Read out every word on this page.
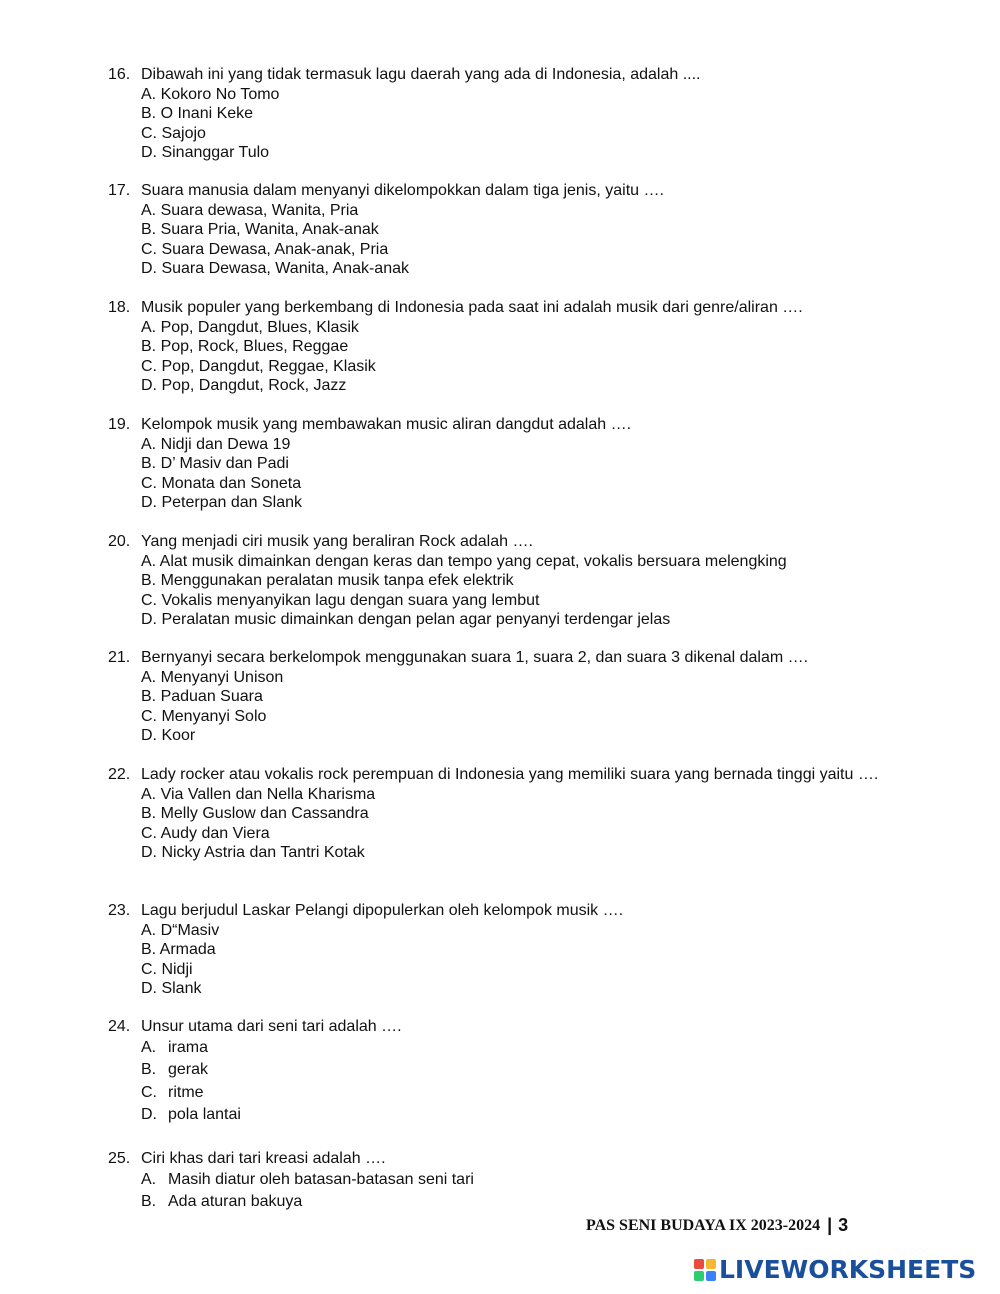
16. Dibawah ini yang tidak termasuk lagu daerah yang ada di Indonesia, adalah ....
A. Kokoro No Tomo
B. O Inani Keke
C. Sajojo
D. Sinanggar Tulo
17. Suara manusia dalam menyanyi dikelompokkan dalam tiga jenis, yaitu ….
A. Suara dewasa, Wanita, Pria
B. Suara Pria, Wanita, Anak-anak
C. Suara Dewasa, Anak-anak, Pria
D. Suara Dewasa, Wanita, Anak-anak
18. Musik populer yang berkembang di Indonesia pada saat ini adalah musik dari genre/aliran ….
A. Pop, Dangdut, Blues, Klasik
B. Pop, Rock, Blues, Reggae
C. Pop, Dangdut, Reggae, Klasik
D. Pop, Dangdut, Rock, Jazz
19. Kelompok musik yang membawakan music aliran dangdut adalah ….
A. Nidji dan Dewa 19
B. D’ Masiv dan Padi
C. Monata dan Soneta
D. Peterpan dan Slank
20. Yang menjadi ciri musik yang beraliran Rock adalah ….
A. Alat musik dimainkan dengan keras dan tempo yang cepat, vokalis bersuara melengking
B. Menggunakan peralatan musik tanpa efek elektrik
C. Vokalis menyanyikan lagu dengan suara yang lembut
D. Peralatan music dimainkan dengan pelan agar penyanyi terdengar jelas
21. Bernyanyi secara berkelompok menggunakan suara 1, suara 2, dan suara 3 dikenal dalam ….
A. Menyanyi Unison
B. Paduan Suara
C. Menyanyi Solo
D. Koor
22. Lady rocker atau vokalis rock perempuan di Indonesia yang memiliki suara yang bernada tinggi yaitu ….
A. Via Vallen dan Nella Kharisma
B. Melly Guslow dan Cassandra
C. Audy dan Viera
D. Nicky Astria dan Tantri Kotak
23. Lagu berjudul Laskar Pelangi dipopulerkan oleh kelompok musik ….
A. D“Masiv
B. Armada
C. Nidji
D. Slank
24. Unsur utama dari seni tari adalah ….
A. irama
B. gerak
C. ritme
D. pola lantai
25. Ciri khas dari tari kreasi adalah ….
A. Masih diatur oleh batasan-batasan seni tari
B. Ada aturan bakuya
PAS SENI BUDAYA IX 2023-2024 | 3
LIVEWORKSHEETS
